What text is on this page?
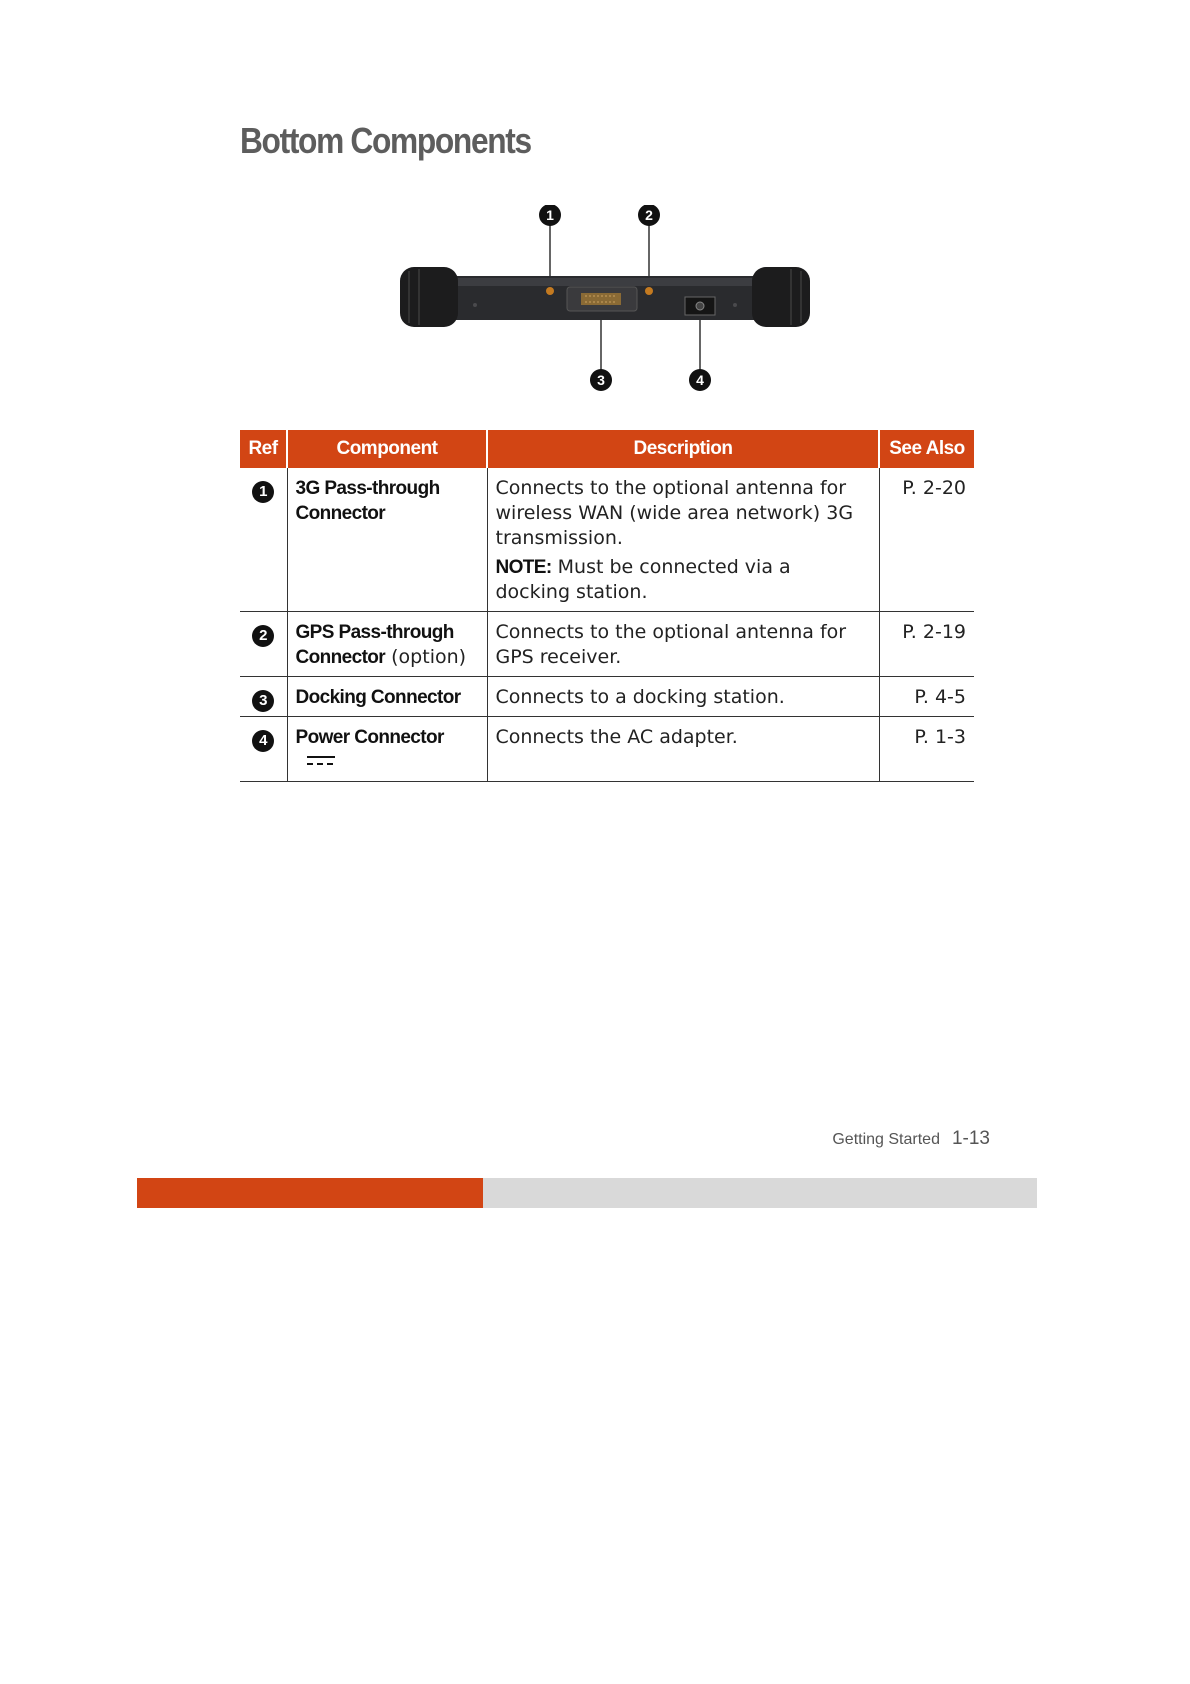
Bottom Components
1	2
3	4
Ref	Component	Description	See Also
1	3G Pass-through Connector	Connects to the optional antenna for wireless WAN (wide area network) 3G transmission.

NOTE: Must be connected via a docking station.	P. 2-20
2	GPS Pass-through Connector (option)	Connects to the optional antenna for GPS receiver.	P. 2-19
3	Docking Connector	Connects to a docking station.	P. 4-5
4	Power Connector	Connects the AC adapter.	P. 1-3
Getting Started 1-13
